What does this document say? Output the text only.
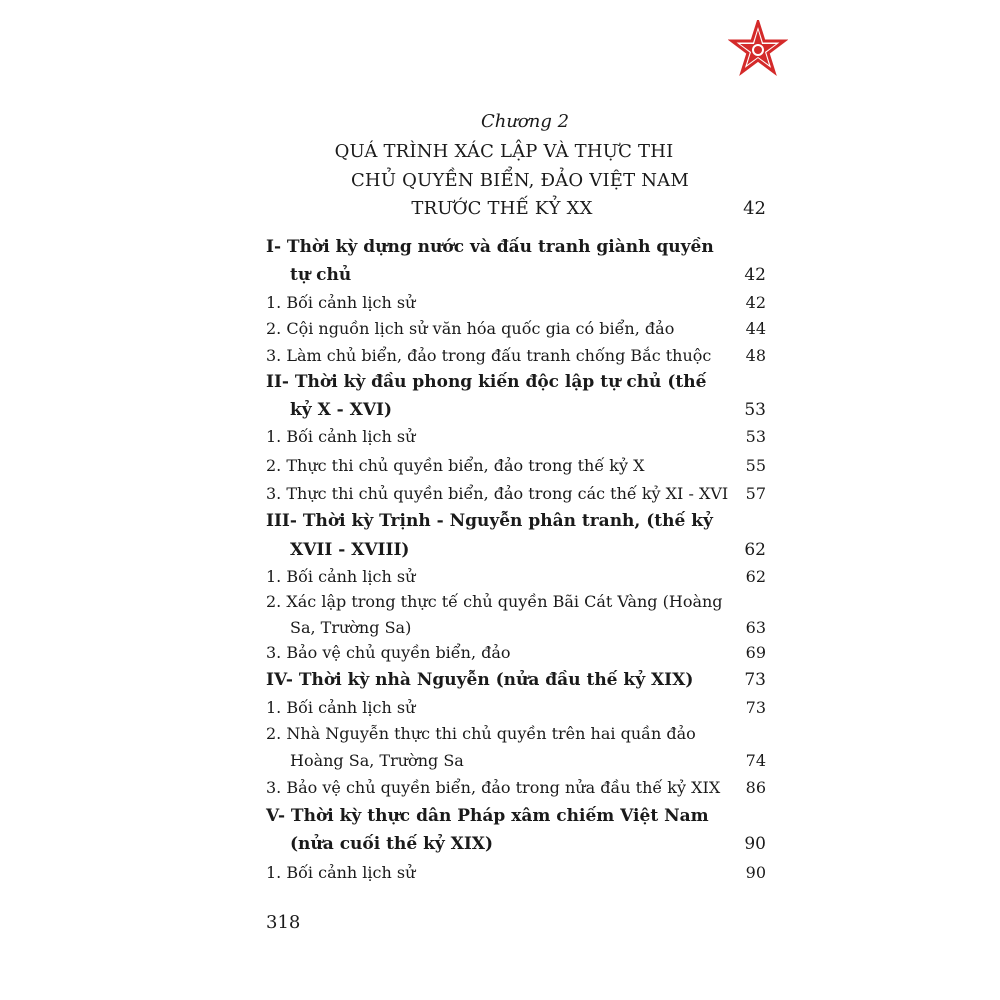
Chương 2
QUÁ TRÌNH XÁC LẬP VÀ THỰC THI
CHỦ QUYỀN BIỂN, ĐẢO VIỆT NAM
TRƯỚC THẾ KỶ XX	42
I- Thời kỳ dựng nước và đấu tranh giành quyền
tự chủ	42
1. Bối cảnh lịch sử	42
2. Cội nguồn lịch sử văn hóa quốc gia có biển, đảo	44
3. Làm chủ biển, đảo trong đấu tranh chống Bắc thuộc	48
II- Thời kỳ đầu phong kiến độc lập tự chủ (thế
kỷ X - XVI)	53
1. Bối cảnh lịch sử	53
2. Thực thi chủ quyền biển, đảo trong thế kỷ X	55
3. Thực thi chủ quyền biển, đảo trong các thế kỷ XI - XVI	57
III- Thời kỳ Trịnh - Nguyễn phân tranh, (thế kỷ
XVII - XVIII)	62
1. Bối cảnh lịch sử	62
2. Xác lập trong thực tế chủ quyền Bãi Cát Vàng (Hoàng
Sa, Trường Sa)	63
3. Bảo vệ chủ quyền biển, đảo	69
IV- Thời kỳ nhà Nguyễn (nửa đầu thế kỷ XIX)	73
1. Bối cảnh lịch sử	73
2. Nhà Nguyễn thực thi chủ quyền trên hai quần đảo
Hoàng Sa, Trường Sa	74
3. Bảo vệ chủ quyền biển, đảo trong nửa đầu thế kỷ XIX	86
V- Thời kỳ thực dân Pháp xâm chiếm Việt Nam
(nửa cuối thế kỷ XIX)	90
1. Bối cảnh lịch sử	90
318
